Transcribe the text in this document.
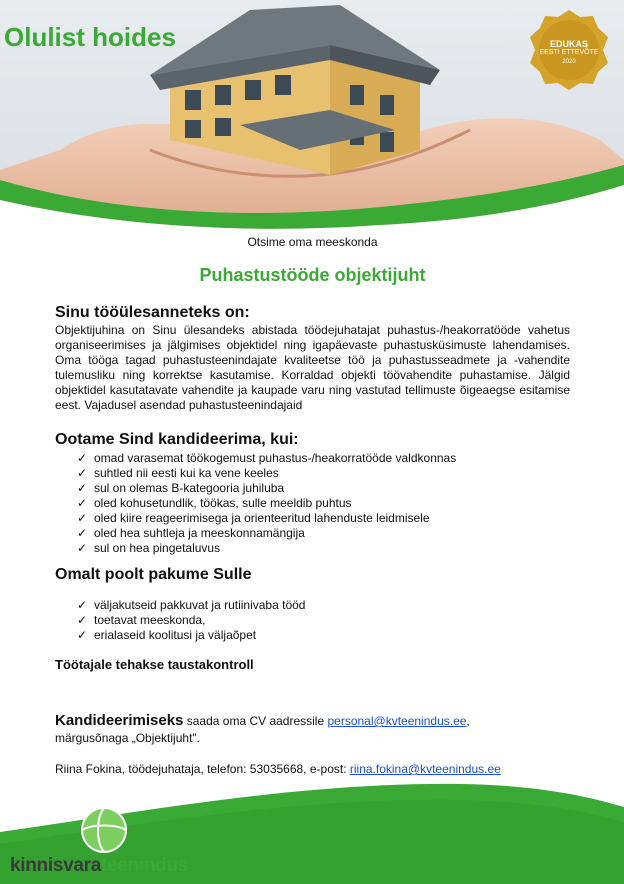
Olulist hoides	EDUKAS
EESTI ETTEVÕTE
2020
Otsime oma meeskonda
Puhastustööde objektijuht
Sinu tööülesanneteks on:
Objektijuhina on Sinu ülesandeks abistada töödejuhatajat puhastus-/heakorratööde vahetus organiseerimises ja jälgimises objektidel ning igapäevaste puhastusküsimuste lahendamises. Oma tööga tagad puhastusteenindajate kvaliteetse töö ja puhastusseadmete ja -vahendite tulemusliku ning korrektse kasutamise. Korraldad objekti töövahendite puhastamise. Jälgid objektidel kasutatavate vahendite ja kaupade varu ning vastutad tellimuste õigeaegse esitamise eest. Vajadusel asendad puhastusteenindajaid
Ootame Sind kandideerima, kui:
✓ omad varasemat töökogemust puhastus-/heakorratööde valdkonnas
✓ suhtled nii eesti kui ka vene keeles
✓ sul on olemas B-kategooria juhiluba
✓ oled kohusetundlik, töökas, sulle meeldib puhtus
✓ oled kiire reageerimisega ja orienteeritud lahenduste leidmisele
✓ oled hea suhtleja ja meeskonnamängija
✓ sul on hea pingetaluvus
Omalt poolt pakume Sulle
✓ väljakutseid pakkuvat ja rutiinivaba tööd
✓ toetavat meeskonda,
✓ erialaseid koolitusi ja väljaõpet
Töötajale tehakse taustakontroll
Kandideerimiseks saada oma CV aadressile personal@kvteenindus.ee,
märgusõnaga „Objektijuht".
Riina Fokina, töödejuhataja, telefon: 53035668, e-post: riina.fokina@kvteenindus.ee
kinnisvarateenindus
